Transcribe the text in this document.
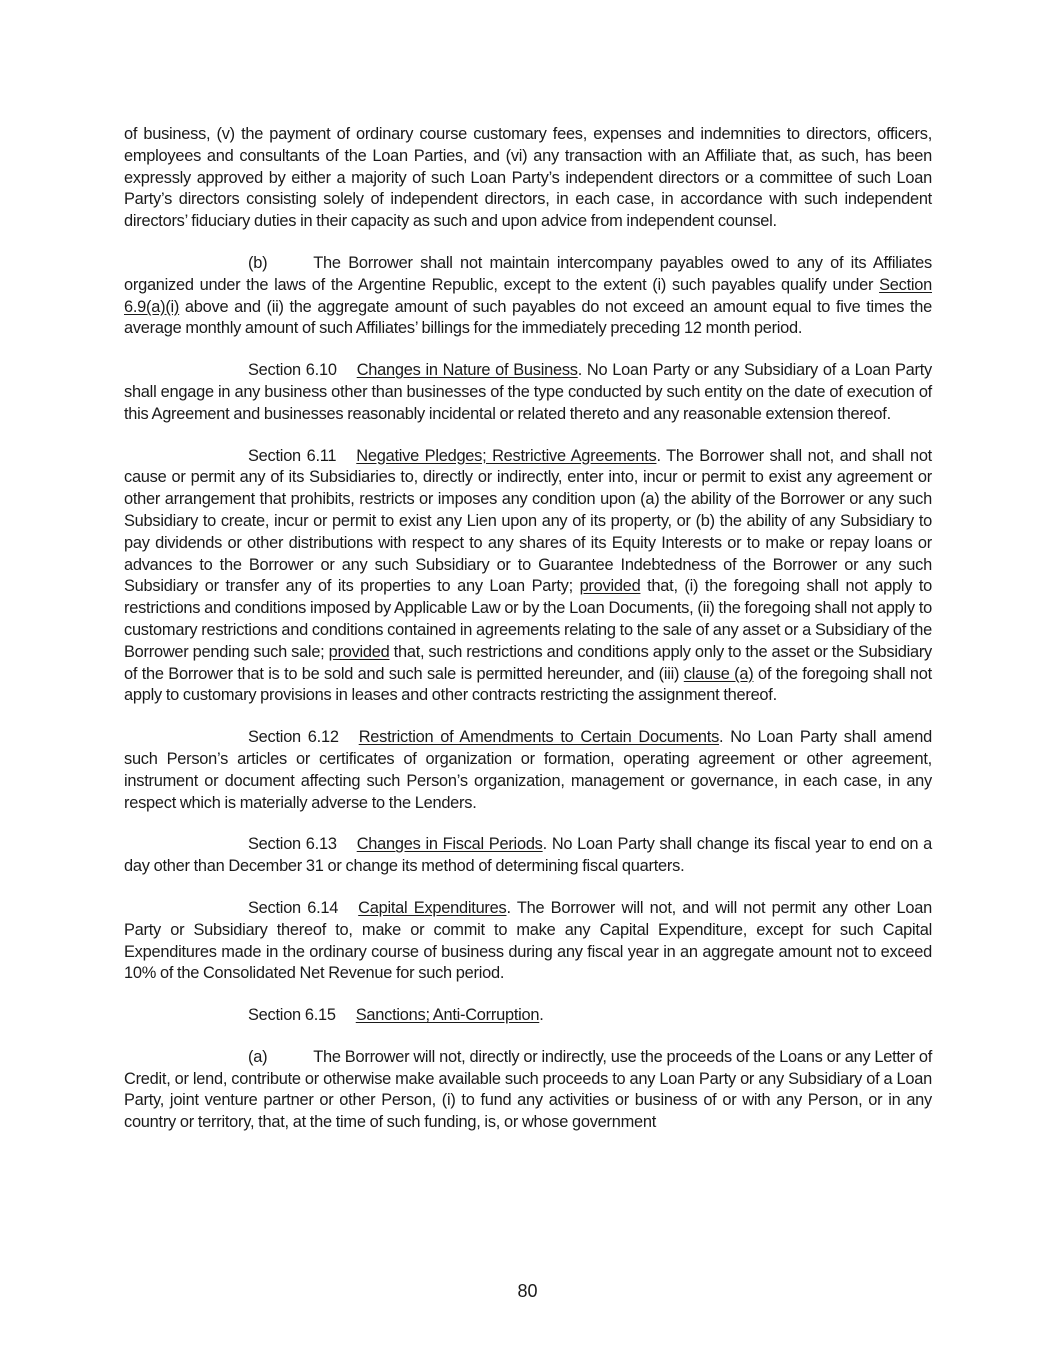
of business, (v) the payment of ordinary course customary fees, expenses and indemnities to directors, officers, employees and consultants of the Loan Parties, and (vi) any transaction with an Affiliate that, as such, has been expressly approved by either a majority of such Loan Party’s independent directors or a committee of such Loan Party’s directors consisting solely of independent directors, in each case, in accordance with such independent directors’ fiduciary duties in their capacity as such and upon advice from independent counsel.

(b)	The Borrower shall not maintain intercompany payables owed to any of its Affiliates organized under the laws of the Argentine Republic, except to the extent (i) such payables qualify under Section 6.9(a)(i) above and (ii) the aggregate amount of such payables do not exceed an amount equal to five times the average monthly amount of such Affiliates’ billings for the immediately preceding 12 month period.

Section 6.10 Changes in Nature of Business. No Loan Party or any Subsidiary of a Loan Party shall engage in any business other than businesses of the type conducted by such entity on the date of execution of this Agreement and businesses reasonably incidental or related thereto and any reasonable extension thereof.

Section 6.11 Negative Pledges; Restrictive Agreements. The Borrower shall not, and shall not cause or permit any of its Subsidiaries to, directly or indirectly, enter into, incur or permit to exist any agreement or other arrangement that prohibits, restricts or imposes any condition upon (a) the ability of the Borrower or any such Subsidiary to create, incur or permit to exist any Lien upon any of its property, or (b) the ability of any Subsidiary to pay dividends or other distributions with respect to any shares of its Equity Interests or to make or repay loans or advances to the Borrower or any such Subsidiary or to Guarantee Indebtedness of the Borrower or any such Subsidiary or transfer any of its properties to any Loan Party; provided that, (i) the foregoing shall not apply to restrictions and conditions imposed by Applicable Law or by the Loan Documents, (ii) the foregoing shall not apply to customary restrictions and conditions contained in agreements relating to the sale of any asset or a Subsidiary of the Borrower pending such sale; provided that, such restrictions and conditions apply only to the asset or the Subsidiary of the Borrower that is to be sold and such sale is permitted hereunder, and (iii) clause (a) of the foregoing shall not apply to customary provisions in leases and other contracts restricting the assignment thereof.

Section 6.12 Restriction of Amendments to Certain Documents. No Loan Party shall amend such Person’s articles or certificates of organization or formation, operating agreement or other agreement, instrument or document affecting such Person’s organization, management or governance, in each case, in any respect which is materially adverse to the Lenders.

Section 6.13 Changes in Fiscal Periods. No Loan Party shall change its fiscal year to end on a day other than December 31 or change its method of determining fiscal quarters.

Section 6.14 Capital Expenditures. The Borrower will not, and will not permit any other Loan Party or Subsidiary thereof to, make or commit to make any Capital Expenditure, except for such Capital Expenditures made in the ordinary course of business during any fiscal year in an aggregate amount not to exceed 10% of the Consolidated Net Revenue for such period.

Section 6.15 Sanctions; Anti-Corruption.

(a)	The Borrower will not, directly or indirectly, use the proceeds of the Loans or any Letter of Credit, or lend, contribute or otherwise make available such proceeds to any Loan Party or any Subsidiary of a Loan Party, joint venture partner or other Person, (i) to fund any activities or business of or with any Person, or in any country or territory, that, at the time of such funding, is, or whose government

80
